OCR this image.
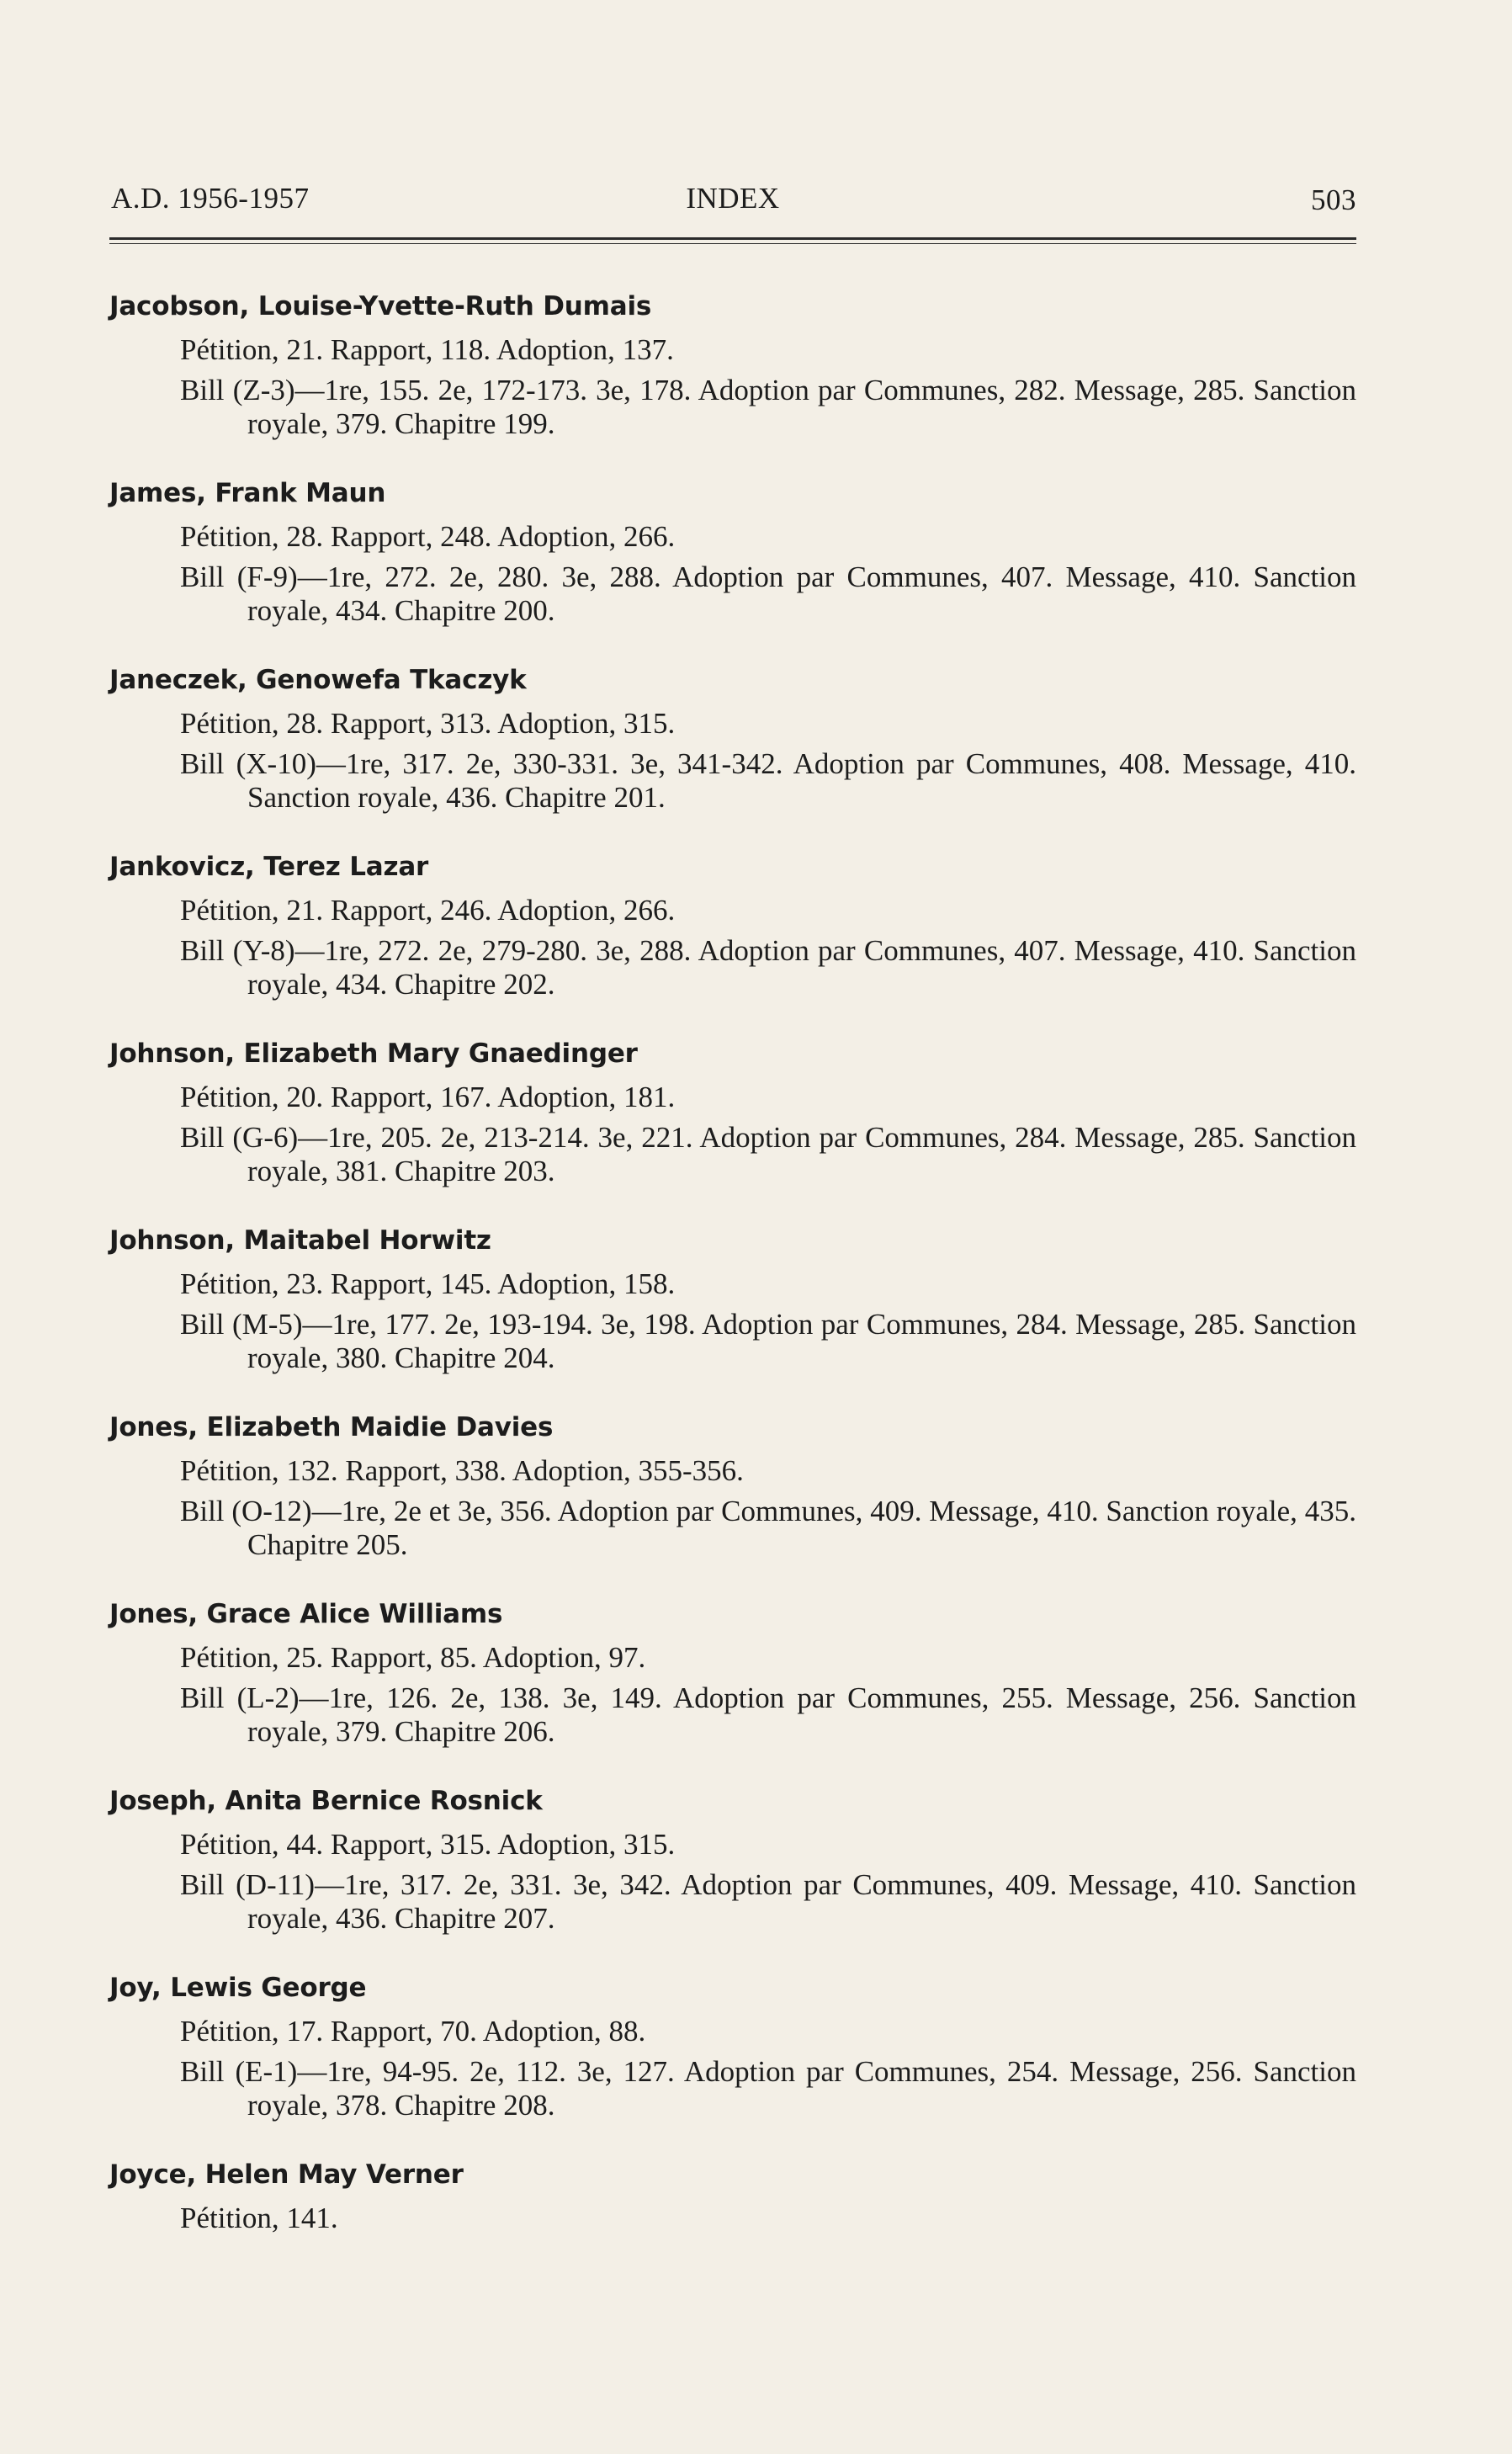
A.D. 1956-1957	INDEX	503
Jacobson, Louise-Yvette-Ruth Dumais
Pétition, 21. Rapport, 118. Adoption, 137.
Bill (Z-3)—1re, 155. 2e, 172-173. 3e, 178. Adoption par Communes, 282. Message, 285. Sanction royale, 379. Chapitre 199.
James, Frank Maun
Pétition, 28. Rapport, 248. Adoption, 266.
Bill (F-9)—1re, 272. 2e, 280. 3e, 288. Adoption par Communes, 407. Message, 410. Sanction royale, 434. Chapitre 200.
Janeczek, Genowefa Tkaczyk
Pétition, 28. Rapport, 313. Adoption, 315.
Bill (X-10)—1re, 317. 2e, 330-331. 3e, 341-342. Adoption par Communes, 408. Message, 410. Sanction royale, 436. Chapitre 201.
Jankovicz, Terez Lazar
Pétition, 21. Rapport, 246. Adoption, 266.
Bill (Y-8)—1re, 272. 2e, 279-280. 3e, 288. Adoption par Communes, 407. Message, 410. Sanction royale, 434. Chapitre 202.
Johnson, Elizabeth Mary Gnaedinger
Pétition, 20. Rapport, 167. Adoption, 181.
Bill (G-6)—1re, 205. 2e, 213-214. 3e, 221. Adoption par Communes, 284. Message, 285. Sanction royale, 381. Chapitre 203.
Johnson, Maitabel Horwitz
Pétition, 23. Rapport, 145. Adoption, 158.
Bill (M-5)—1re, 177. 2e, 193-194. 3e, 198. Adoption par Communes, 284. Message, 285. Sanction royale, 380. Chapitre 204.
Jones, Elizabeth Maidie Davies
Pétition, 132. Rapport, 338. Adoption, 355-356.
Bill (O-12)—1re, 2e et 3e, 356. Adoption par Communes, 409. Message, 410. Sanction royale, 435. Chapitre 205.
Jones, Grace Alice Williams
Pétition, 25. Rapport, 85. Adoption, 97.
Bill (L-2)—1re, 126. 2e, 138. 3e, 149. Adoption par Communes, 255. Message, 256. Sanction royale, 379. Chapitre 206.
Joseph, Anita Bernice Rosnick
Pétition, 44. Rapport, 315. Adoption, 315.
Bill (D-11)—1re, 317. 2e, 331. 3e, 342. Adoption par Communes, 409. Message, 410. Sanction royale, 436. Chapitre 207.
Joy, Lewis George
Pétition, 17. Rapport, 70. Adoption, 88.
Bill (E-1)—1re, 94-95. 2e, 112. 3e, 127. Adoption par Communes, 254. Message, 256. Sanction royale, 378. Chapitre 208.
Joyce, Helen May Verner
Pétition, 141.
